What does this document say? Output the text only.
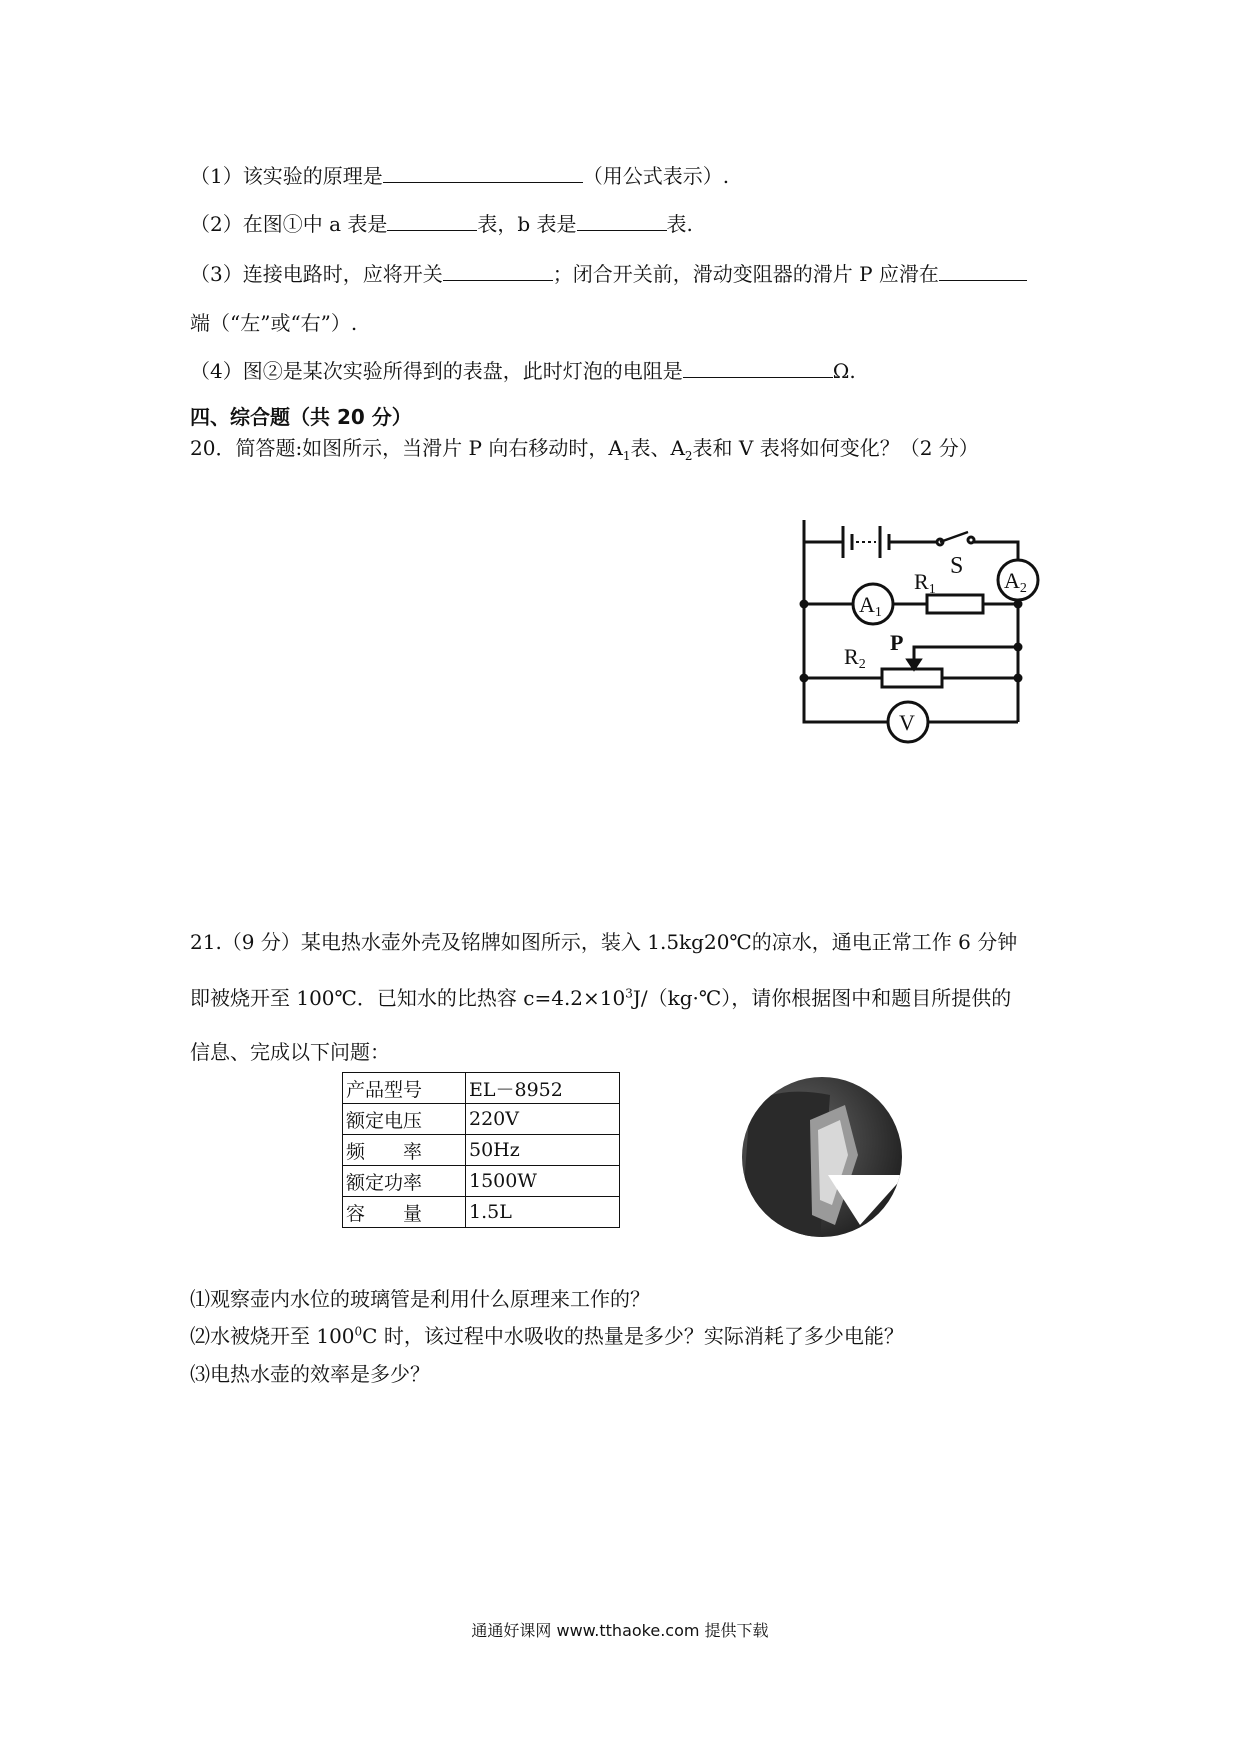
（1）该实验的原理是	（用公式表示）.
（2）在图①中 a 表是	表，b 表是	表.
（3）连接电路时，应将开关	；闭合开关前，滑动变阻器的滑片 P 应滑在
端（“左”或“右”）.
（4）图②是某次实验所得到的表盘，此时灯泡的电阻是	Ω.
四、综合题（共 20 分）
20．简答题:如图所示，当滑片 P 向右移动时，$A_1$表、$A_2$表和 V 表将如何变化？（2 分）
S
A1
A2
R1
R2
P
V
21.（9 分）某电热水壶外壳及铭牌如图所示，装入 1.5kg20℃的凉水，通电正常工作 6 分钟
即被烧开至 100℃．已知水的比热容 $c=4.2\times 10^3J/(kg\cdot℃)$，请你根据图中和题目所提供的
信息、完成以下问题：
产品型号	EL－8952
额定电压	220V
频　　率	50Hz
额定功率	1500W
容　　量	1.5L
⑴观察壶内水位的玻璃管是利用什么原理来工作的？
⑵水被烧开至 $100^0C$ 时，该过程中水吸收的热量是多少？实际消耗了多少电能？
⑶电热水壶的效率是多少？
通通好课网 www.tthaoke.com 提供下载
